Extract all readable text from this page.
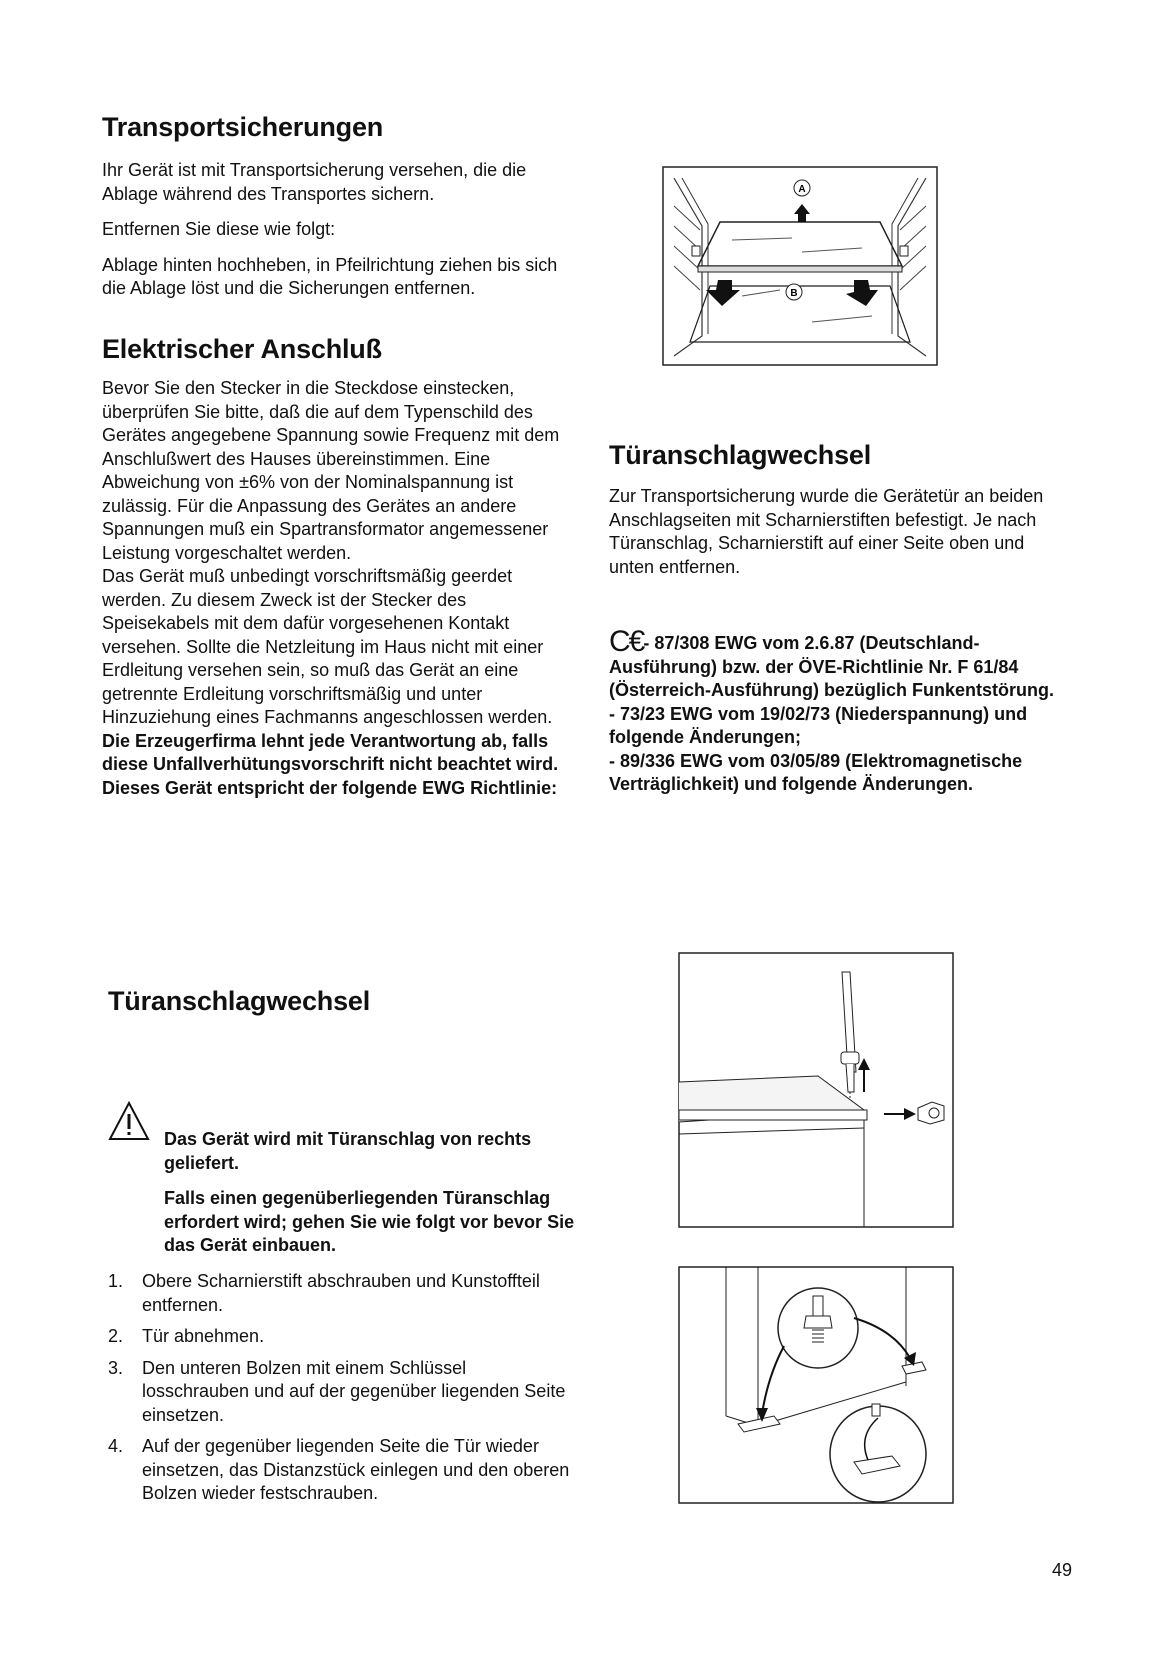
Transportsicherungen

Ihr Gerät ist mit Transportsicherung versehen, die die Ablage während des Transportes sichern.

Entfernen Sie diese wie folgt:

Ablage hinten hochheben, in Pfeilrichtung ziehen bis sich die Ablage löst und die Sicherungen entfernen.

A
B
Elektrischer Anschluß

Bevor Sie den Stecker in die Steckdose einstecken, überprüfen Sie bitte, daß die auf dem Typenschild des Gerätes angegebene Spannung sowie Frequenz mit dem Anschlußwert des Hauses übereinstimmen. Eine Abweichung von ±6% von der Nominalspannung ist zulässig. Für die Anpassung des Gerätes an andere Spannungen muß ein Spartransformator angemessener Leistung vorgeschaltet werden.

Das Gerät muß unbedingt vorschriftsmäßig geerdet werden. Zu diesem Zweck ist der Stecker des Speisekabels mit dem dafür vorgesehenen Kontakt versehen. Sollte die Netzleitung im Haus nicht mit einer Erdleitung versehen sein, so muß das Gerät an eine getrennte Erdleitung vorschriftsmäßig und unter Hinzuziehung eines Fachmanns angeschlossen werden.

Die Erzeugerfirma lehnt jede Verantwortung ab, falls diese Unfallverhütungsvorschrift nicht beachtet wird.

Dieses Gerät entspricht der folgende EWG Richtlinie:

Türanschlagwechsel

Zur Transportsicherung wurde die Gerätetür an beiden Anschlagseiten mit Scharnierstiften befestigt. Je nach Türanschlag, Scharnierstift auf einer Seite oben und unten entfernen.

C€- 87/308 EWG vom 2.6.87 (Deutschland-Ausführung) bzw. der ÖVE-Richtlinie Nr. F 61/84 (Österreich-Ausführung) bezüglich Funkentstörung.

- 73/23 EWG vom 19/02/73 (Niederspannung) und folgende Änderungen;

- 89/336 EWG vom 03/05/89 (Elektromagnetische Verträglichkeit) und folgende Änderungen.

Türanschlagwechsel

Das Gerät wird mit Türanschlag von rechts geliefert.

Falls einen gegenüberliegenden Türanschlag erfordert wird; gehen Sie wie folgt vor bevor Sie das Gerät einbauen.

1.	Obere Scharnierstift abschrauben und Kunstoffteil entfernen.
2.	Tür abnehmen.
3.	Den unteren Bolzen mit einem Schlüssel losschrauben und auf der gegenüber liegenden Seite einsetzen.
4.	Auf der gegenüber liegenden Seite die Tür wieder einsetzen, das Distanzstück einlegen und den oberen Bolzen wieder festschrauben.
49
